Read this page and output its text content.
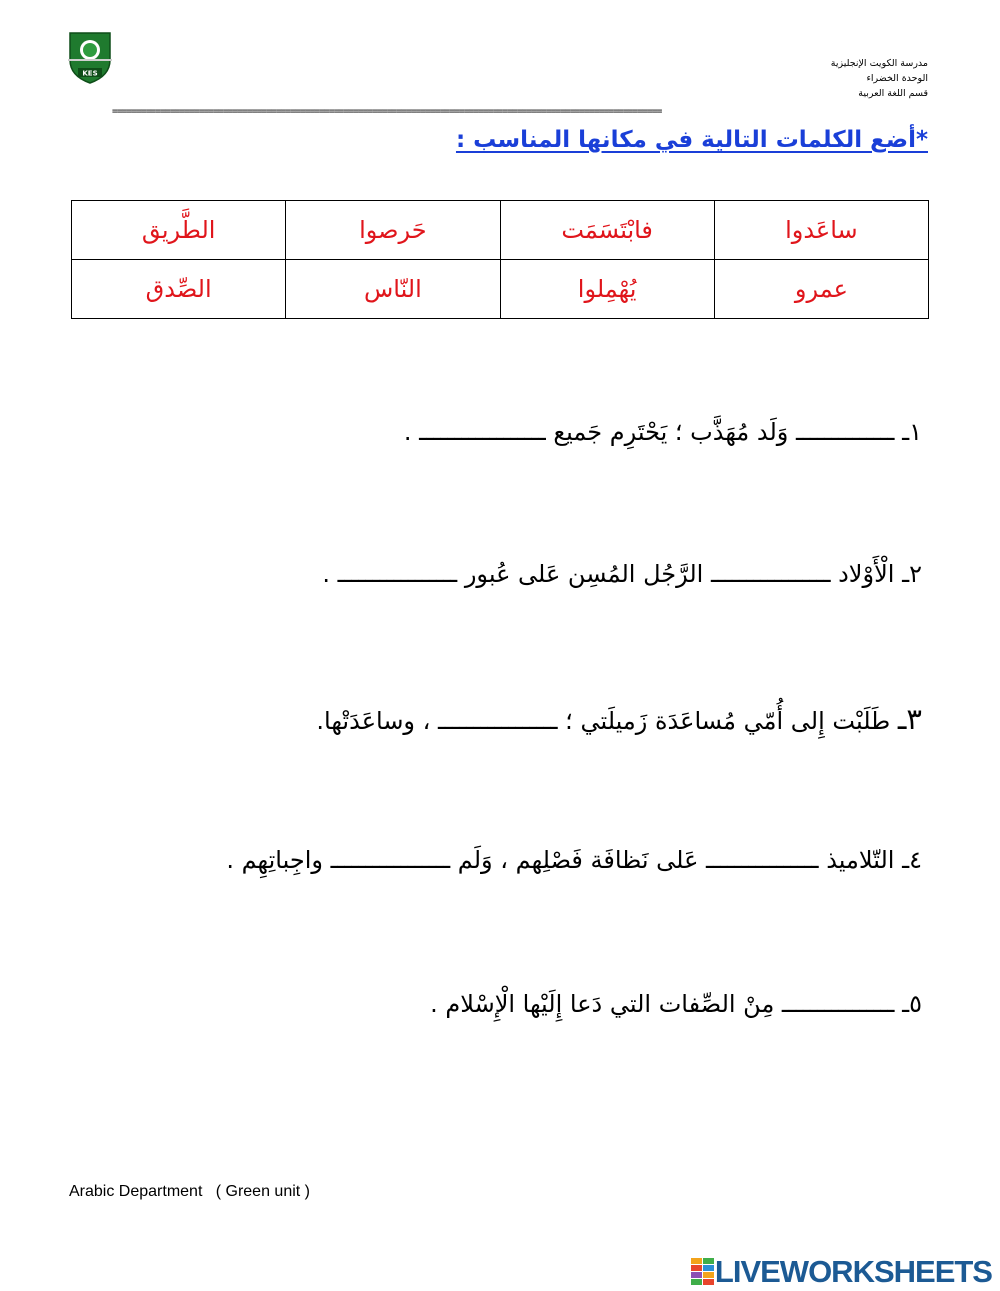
KES
مدرسة الكويت الإنجليزية
الوحدة الخضراء
قسم اللغة العربية
==================================================================================================================
*أضع الكلمات التالية في مكانها المناسب :
ساعَدوا	فابْتَسَمَت	حَرصوا	الطَّريق
عمرو	يُهْمِلوا	النّاس	الصِّدق
١ـ ــــــــــــــ وَلَد مُهَذَّب ؛ يَحْتَرِم جَميع ــــــــــــــــــ .
٢ـ الْأَوْلاد ـــــــــــــــــ الرَّجُل المُسِن عَلى عُبور ـــــــــــــــــ .
٣ـ طَلَبْت إِلى أُمّي مُساعَدَة زَميلَتي ؛ ـــــــــــــــــ ، وساعَدَتْها.
٤ـ التّلاميذ ــــــــــــــــ عَلى نَظافَة فَصْلِهم ، وَلَم ـــــــــــــــــ واجِباتِهِم .
٥ـ ــــــــــــــــ مِنْ الصِّفات التي دَعا إِلَيْها الْإِسْلام .
Arabic Department   ( Green unit )
LIVEWORKSHEETS
